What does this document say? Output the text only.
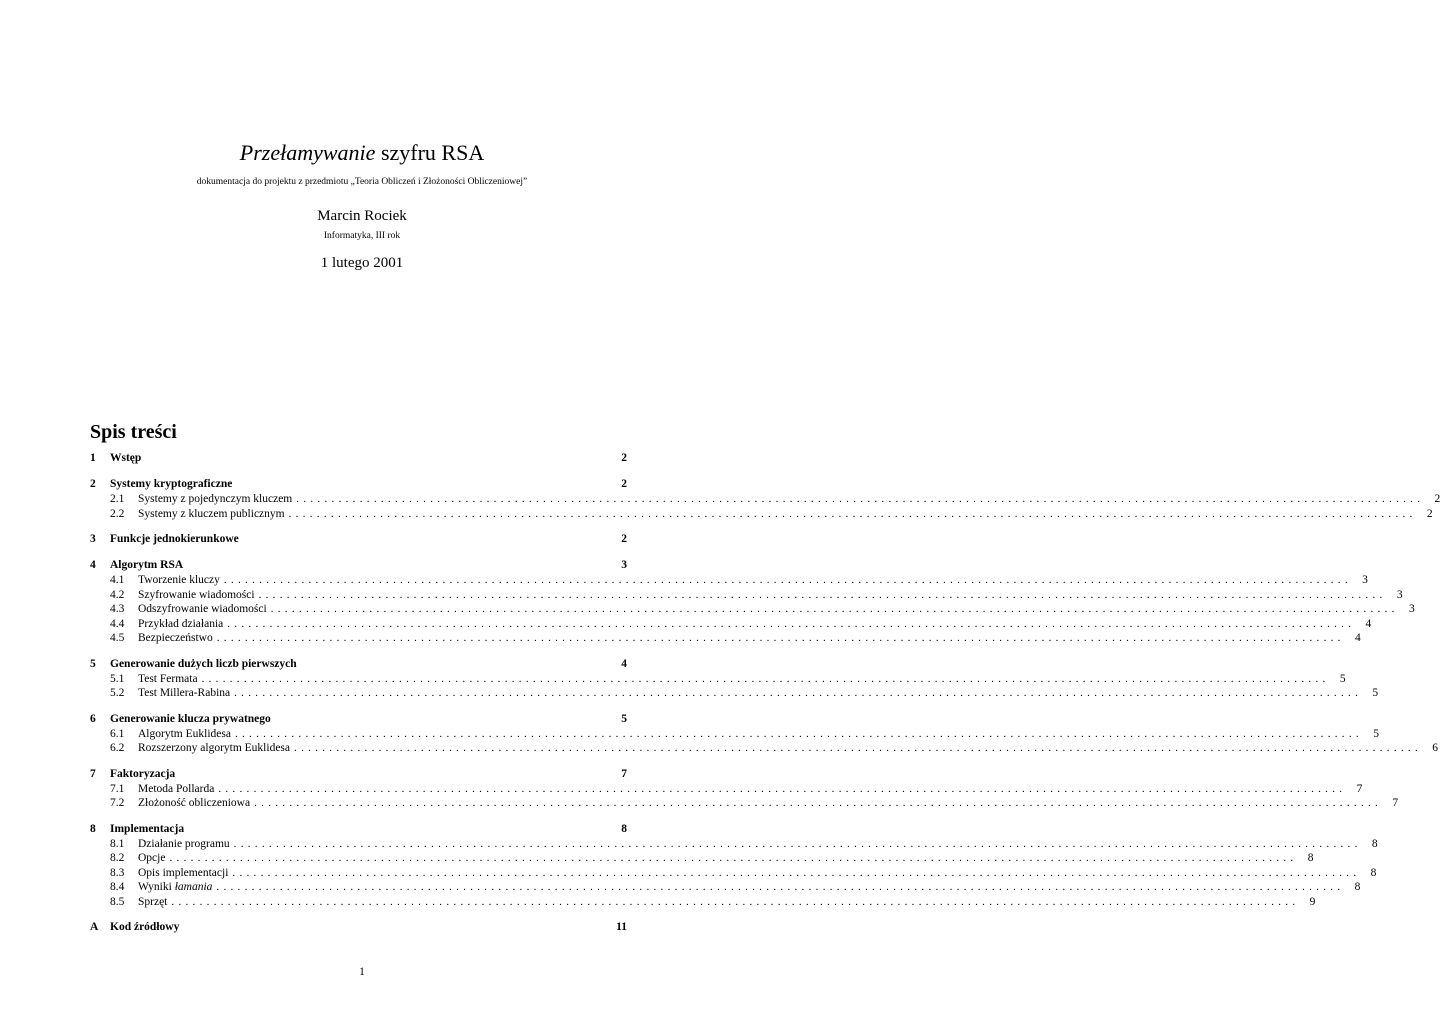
Przełamywanie szyfru RSA
dokumentacja do projektu z przedmiotu „Teoria Obliczeń i Złożoności Obliczeniowej”
Marcin Rociek
Informatyka, III rok
1 lutego 2001
Spis treści
1	Wstęp	2
2	Systemy kryptograficzne	2
2.1	Systemy z pojedynczym kluczem ................................................................................................................................................................ 2
2.2	Systemy z kluczem publicznym ................................................................................................................................................................ 2
3	Funkcje jednokierunkowe	2
4	Algorytm RSA	3
4.1	Tworzenie kluczy ................................................................................................................................................................ 3
4.2	Szyfrowanie wiadomości ................................................................................................................................................................ 3
4.3	Odszyfrowanie wiadomości ................................................................................................................................................................ 3
4.4	Przykład działania ................................................................................................................................................................ 4
4.5	Bezpieczeństwo ................................................................................................................................................................ 4
5	Generowanie dużych liczb pierwszych	4
5.1	Test Fermata ................................................................................................................................................................ 5
5.2	Test Millera-Rabina ................................................................................................................................................................ 5
6	Generowanie klucza prywatnego	5
6.1	Algorytm Euklidesa ................................................................................................................................................................ 5
6.2	Rozszerzony algorytm Euklidesa ................................................................................................................................................................ 6
7	Faktoryzacja	7
7.1	Metoda Pollarda ................................................................................................................................................................ 7
7.2	Złożoność obliczeniowa ................................................................................................................................................................ 7
8	Implementacja	8
8.1	Działanie programu ................................................................................................................................................................ 8
8.2	Opcje ................................................................................................................................................................ 8
8.3	Opis implementacji ................................................................................................................................................................ 8
8.4	Wyniki łamania ................................................................................................................................................................ 8
8.5	Sprzęt ................................................................................................................................................................ 9
A	Kod źródłowy	11
1
